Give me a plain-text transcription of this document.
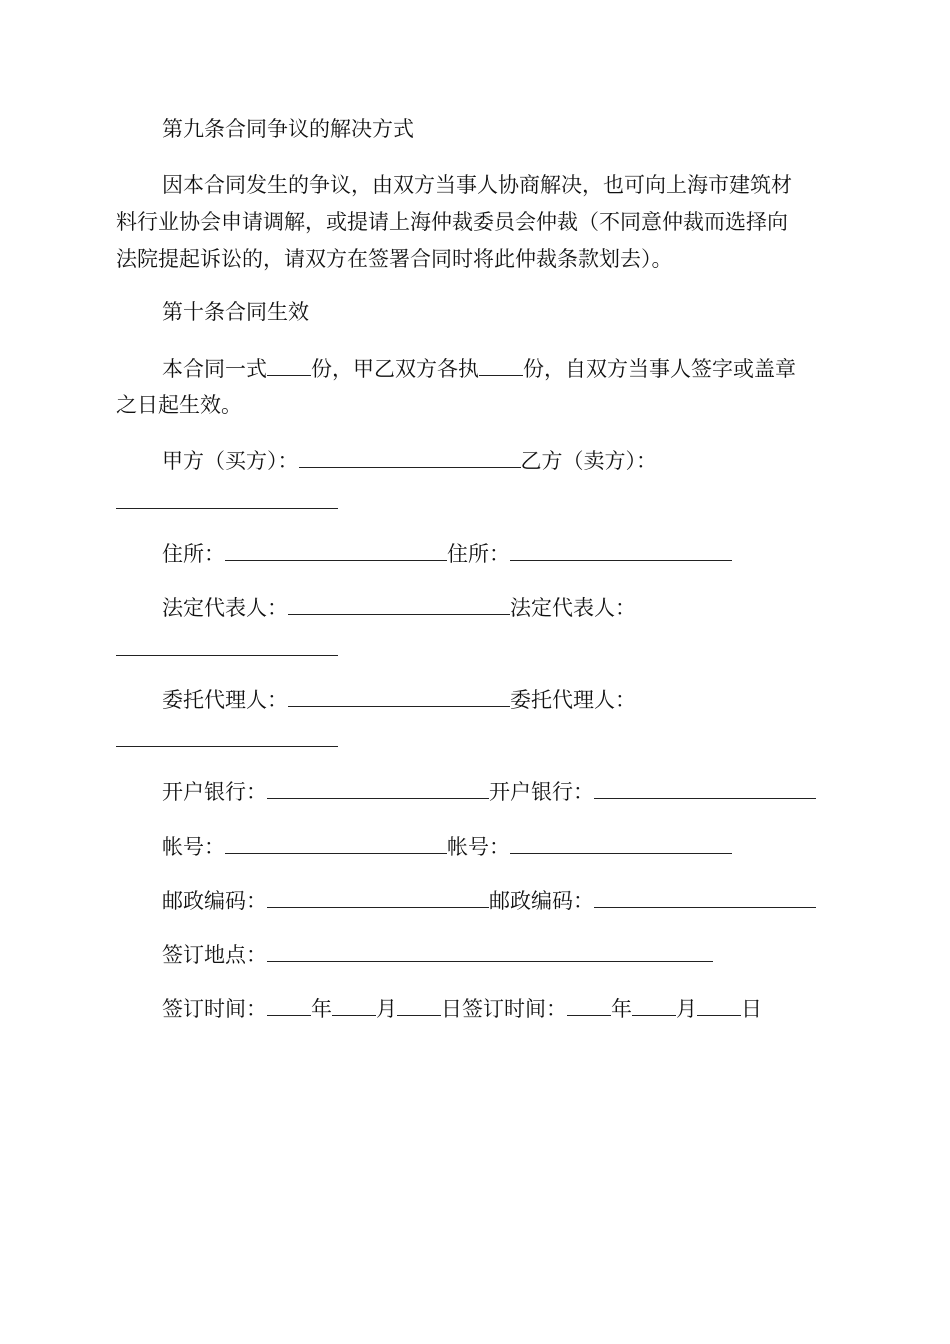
第九条合同争议的解决方式
因本合同发生的争议，由双方当事人协商解决，也可向上海市建筑材
料行业协会申请调解，或提请上海仲裁委员会仲裁（不同意仲裁而选择向
法院提起诉讼的，请双方在签署合同时将此仲裁条款划去）。
第十条合同生效
本合同一式 份，甲乙双方各执 份，自双方当事人签字或盖章
之日起生效。
甲方（买方）：	乙方（卖方）：
住所：	住所：
法定代表人：	法定代表人：
委托代理人：	委托代理人：
开户银行：	开户银行：
帐号：	帐号：
邮政编码：	邮政编码：
签订地点：
签订时间： 年 月 日签订时间： 年 月 日
